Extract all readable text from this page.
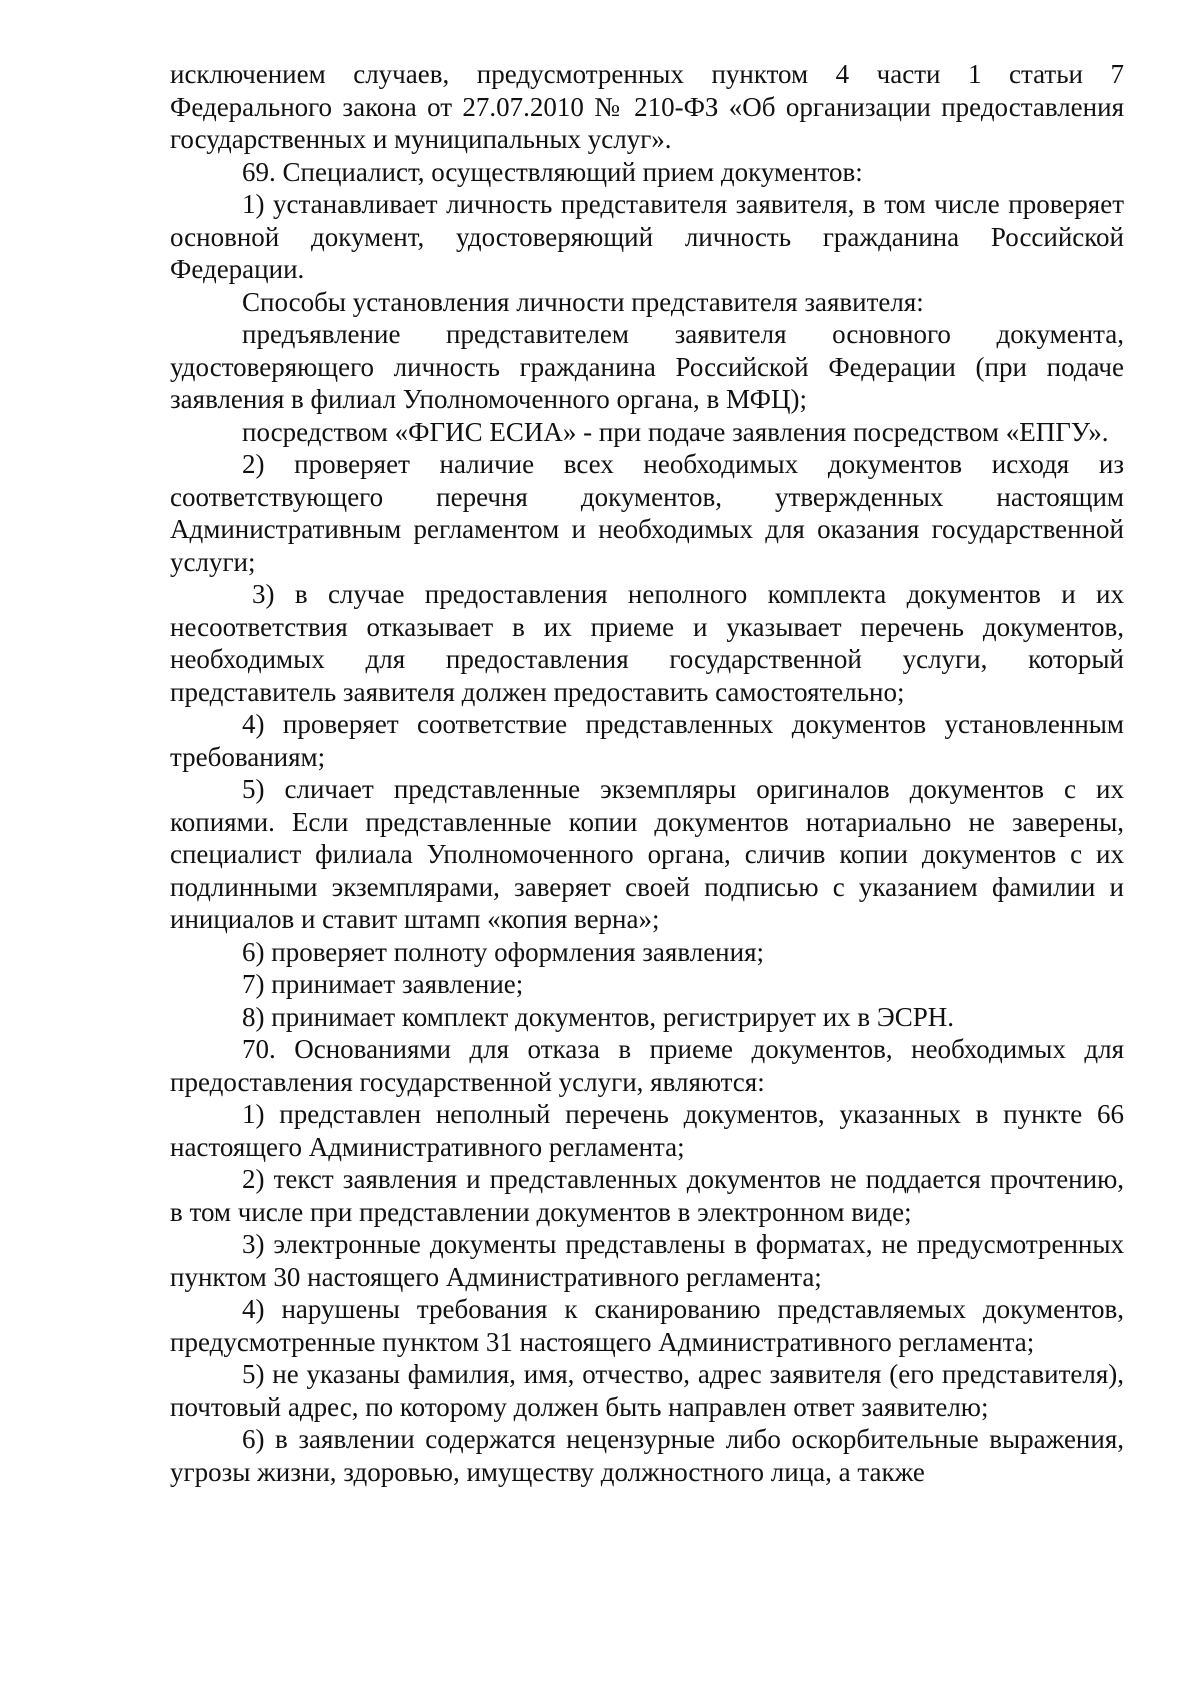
исключением случаев, предусмотренных пунктом 4 части 1 статьи 7 Федерального закона от 27.07.2010 № 210-ФЗ «Об организации предоставления государственных и муниципальных услуг».

69. Специалист, осуществляющий прием документов:

1) устанавливает личность представителя заявителя, в том числе проверяет основной документ, удостоверяющий личность гражданина Российской Федерации.

Способы установления личности представителя заявителя:

предъявление представителем заявителя основного документа, удостоверяющего личность гражданина Российской Федерации (при подаче заявления в филиал Уполномоченного органа, в МФЦ);

посредством «ФГИС ЕСИА» - при подаче заявления посредством «ЕПГУ».

2) проверяет наличие всех необходимых документов исходя из соответствующего перечня документов, утвержденных настоящим Административным регламентом и необходимых для оказания государственной услуги;

3) в случае предоставления неполного комплекта документов и их несоответствия отказывает в их приеме и указывает перечень документов, необходимых для предоставления государственной услуги, который представитель заявителя должен предоставить самостоятельно;

4) проверяет соответствие представленных документов установленным требованиям;

5) сличает представленные экземпляры оригиналов документов с их копиями. Если представленные копии документов нотариально не заверены, специалист филиала Уполномоченного органа, сличив копии документов с их подлинными экземплярами, заверяет своей подписью с указанием фамилии и инициалов и ставит штамп «копия верна»;

6) проверяет полноту оформления заявления;

7) принимает заявление;

8) принимает комплект документов, регистрирует их в ЭСРН.

70. Основаниями для отказа в приеме документов, необходимых для предоставления государственной услуги, являются:

1) представлен неполный перечень документов, указанных в пункте 66 настоящего Административного регламента;

2) текст заявления и представленных документов не поддается прочтению, в том числе при представлении документов в электронном виде;

3) электронные документы представлены в форматах, не предусмотренных пунктом 30 настоящего Административного регламента;

4) нарушены требования к сканированию представляемых документов, предусмотренные пунктом 31 настоящего Административного регламента;

5) не указаны фамилия, имя, отчество, адрес заявителя (его представителя), почтовый адрес, по которому должен быть направлен ответ заявителю;

6) в заявлении содержатся нецензурные либо оскорбительные выражения, угрозы жизни, здоровью, имуществу должностного лица, а также
